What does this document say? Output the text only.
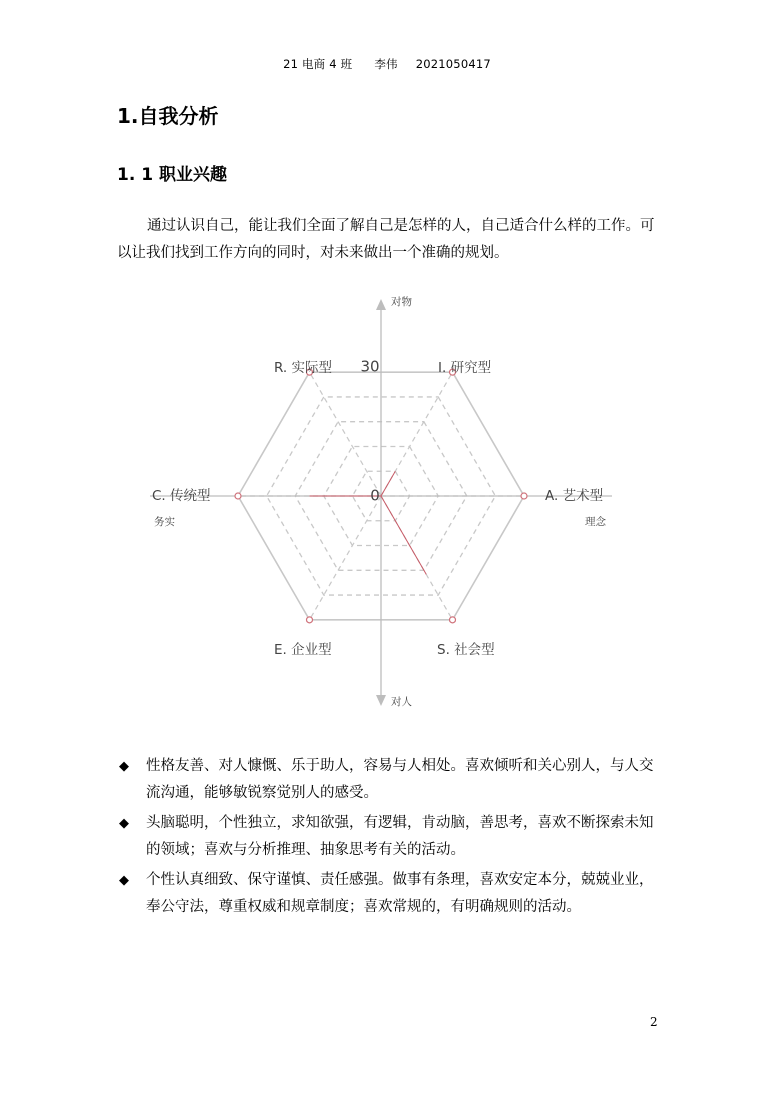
21 电商 4 班 李伟 2021050417
1.自我分析
1. 1 职业兴趣
通过认识自己，能让我们全面了解自己是怎样的人，自己适合什么样的工作。可以让我们找到工作方向的同时，对未来做出一个准确的规划。
I. 研究型
A. 艺术型
S. 社会型
E. 企业型
C. 传统型
R. 实际型 30
0
对物
对人
务实	理念
◆ 性格友善、对人慷慨、乐于助人，容易与人相处。喜欢倾听和关心别人，与人交流沟通，能够敏锐察觉别人的感受。
◆ 头脑聪明，个性独立，求知欲强，有逻辑，肯动脑，善思考，喜欢不断探索未知的领域；喜欢与分析推理、抽象思考有关的活动。
◆ 个性认真细致、保守谨慎、责任感强。做事有条理，喜欢安定本分，兢兢业业，奉公守法，尊重权威和规章制度；喜欢常规的，有明确规则的活动。
2
